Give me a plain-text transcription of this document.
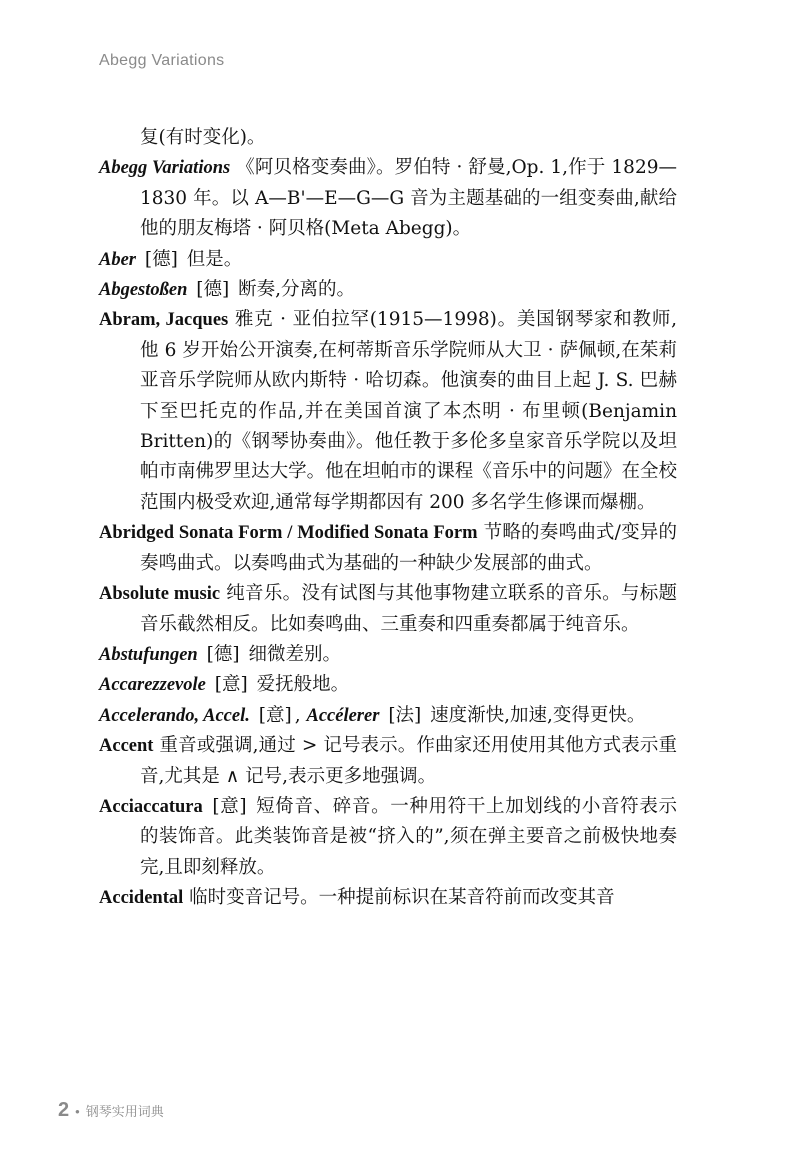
Abegg Variations

复(有时变化)。

Abegg Variations 《阿贝格变奏曲》。罗伯特 · 舒曼,Op. 1,作于 1829—1830 年。以 A—B'—E—G—G 音为主题基础的一组变奏曲,献给他的朋友梅塔 · 阿贝格(Meta Abegg)。

Aber [德] 但是。

Abgestoßen [德] 断奏,分离的。

Abram, Jacques 雅克 · 亚伯拉罕(1915—1998)。美国钢琴家和教师,他 6 岁开始公开演奏,在柯蒂斯音乐学院师从大卫 · 萨佩顿,在茱莉亚音乐学院师从欧内斯特 · 哈切森。他演奏的曲目上起 J. S. 巴赫下至巴托克的作品,并在美国首演了本杰明 · 布里顿(Benjamin Britten)的《钢琴协奏曲》。他任教于多伦多皇家音乐学院以及坦帕市南佛罗里达大学。他在坦帕市的课程《音乐中的问题》在全校范围内极受欢迎,通常每学期都因有 200 多名学生修课而爆棚。

Abridged Sonata Form / Modified Sonata Form 节略的奏鸣曲式/变异的奏鸣曲式。以奏鸣曲式为基础的一种缺少发展部的曲式。

Absolute music 纯音乐。没有试图与其他事物建立联系的音乐。与标题音乐截然相反。比如奏鸣曲、三重奏和四重奏都属于纯音乐。

Abstufungen [德] 细微差别。

Accarezzevole [意] 爱抚般地。

Accelerando, Accel. [意] , Accélerer [法] 速度渐快,加速,变得更快。

Accent 重音或强调,通过 > 记号表示。作曲家还用使用其他方式表示重音,尤其是 ∧ 记号,表示更多地强调。

Acciaccatura [意] 短倚音、碎音。一种用符干上加划线的小音符表示的装饰音。此类装饰音是被“挤入的”,须在弹主要音之前极快地奏完,且即刻释放。

Accidental 临时变音记号。一种提前标识在某音符前而改变其音

2 • 钢琴实用词典
